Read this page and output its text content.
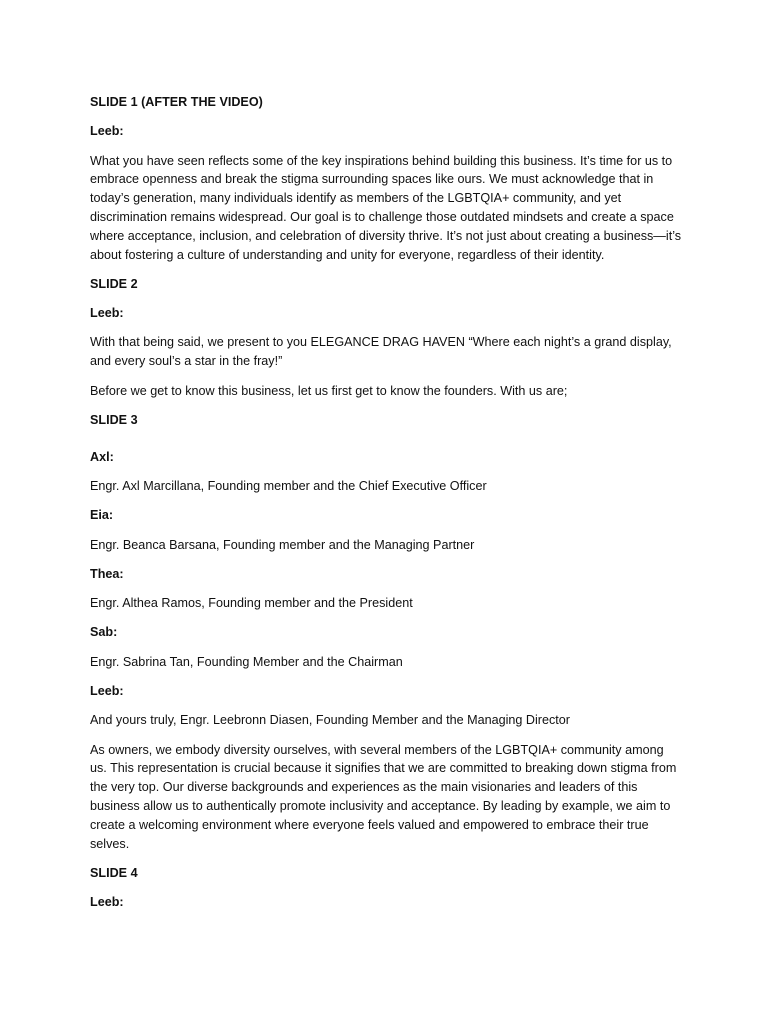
SLIDE 1 (AFTER THE VIDEO)
Leeb:
What you have seen reflects some of the key inspirations behind building this business. It’s time for us to embrace openness and break the stigma surrounding spaces like ours. We must acknowledge that in today’s generation, many individuals identify as members of the LGBTQIA+ community, and yet discrimination remains widespread. Our goal is to challenge those outdated mindsets and create a space where acceptance, inclusion, and celebration of diversity thrive. It’s not just about creating a business—it’s about fostering a culture of understanding and unity for everyone, regardless of their identity.
SLIDE 2
Leeb:
With that being said, we present to you ELEGANCE DRAG HAVEN “Where each night’s a grand display, and every soul’s a star in the fray!”
Before we get to know this business, let us first get to know the founders. With us are;
SLIDE 3
Axl:
Engr. Axl Marcillana, Founding member and the Chief Executive Officer
Eia:
Engr. Beanca Barsana, Founding member and the Managing Partner
Thea:
Engr. Althea Ramos, Founding member and the President
Sab:
Engr. Sabrina Tan, Founding Member and the Chairman
Leeb:
And yours truly, Engr. Leebronn Diasen, Founding Member and the Managing Director
As owners, we embody diversity ourselves, with several members of the LGBTQIA+ community among us. This representation is crucial because it signifies that we are committed to breaking down stigma from the very top. Our diverse backgrounds and experiences as the main visionaries and leaders of this business allow us to authentically promote inclusivity and acceptance. By leading by example, we aim to create a welcoming environment where everyone feels valued and empowered to embrace their true selves.
SLIDE 4
Leeb:
